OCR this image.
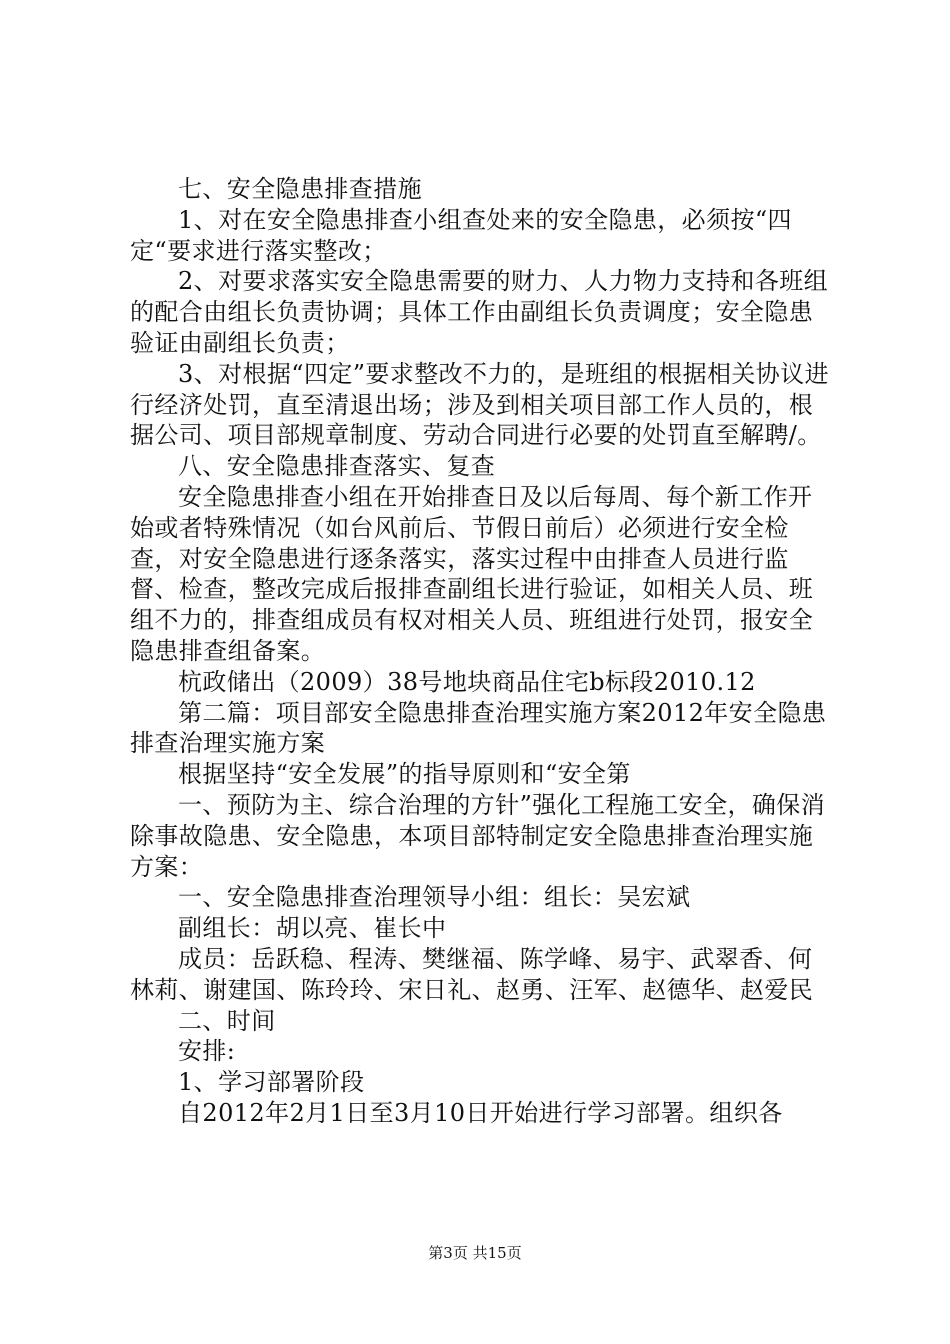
七、安全隐患排查措施

1、对在安全隐患排查小组查处来的安全隐患，必须按“四定“要求进行落实整改；

2、对要求落实安全隐患需要的财力、人力物力支持和各班组的配合由组长负责协调；具体工作由副组长负责调度；安全隐患验证由副组长负责；

3、对根据“四定”要求整改不力的，是班组的根据相关协议进行经济处罚，直至清退出场；涉及到相关项目部工作人员的，根据公司、项目部规章制度、劳动合同进行必要的处罚直至解聘/。

八、安全隐患排查落实、复查

安全隐患排查小组在开始排查日及以后每周、每个新工作开始或者特殊情况（如台风前后、节假日前后）必须进行安全检查，对安全隐患进行逐条落实，落实过程中由排查人员进行监督、检查，整改完成后报排查副组长进行验证，如相关人员、班组不力的，排查组成员有权对相关人员、班组进行处罚，报安全隐患排查组备案。

杭政储出（2009）38号地块商品住宅b标段2010.12

第二篇：项目部安全隐患排查治理实施方案2012年安全隐患排查治理实施方案

根据坚持“安全发展”的指导原则和“安全第

一、预防为主、综合治理的方针”强化工程施工安全，确保消除事故隐患、安全隐患，本项目部特制定安全隐患排查治理实施方案：

一、安全隐患排查治理领导小组：组长：吴宏斌

副组长：胡以亮、崔长中

成员：岳跃稳、程涛、樊继福、陈学峰、易宇、武翠香、何林莉、谢建国、陈玲玲、宋日礼、赵勇、汪军、赵德华、赵爱民

二、时间

安排:

1、学习部署阶段

自2012年2月1日至3月10日开始进行学习部署。组织各

第3页 共15页
